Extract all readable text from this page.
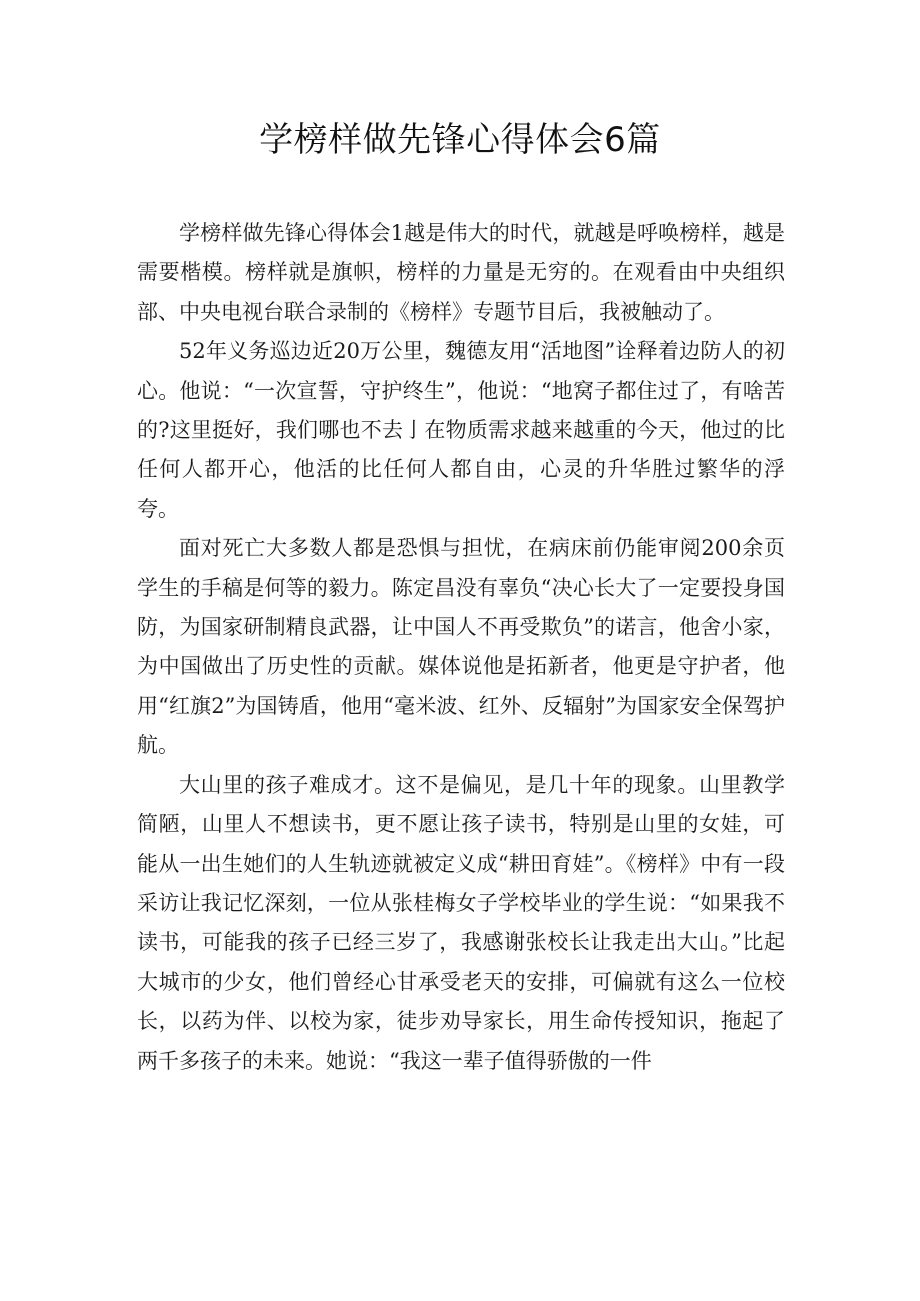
学榜样做先锋心得体会6篇

学榜样做先锋心得体会1越是伟大的时代，就越是呼唤榜样，越是需要楷模。榜样就是旗帜，榜样的力量是无穷的。在观看由中央组织部、中央电视台联合录制的《榜样》专题节目后，我被触动了。

52年义务巡边近20万公里，魏德友用“活地图”诠释着边防人的初心。他说：“一次宣誓，守护终生”，他说：“地窝子都住过了，有啥苦的?这里挺好，我们哪也不去亅在物质需求越来越重的今天，他过的比任何人都开心，他活的比任何人都自由，心灵的升华胜过繁华的浮夸。

面对死亡大多数人都是恐惧与担忧，在病床前仍能审阅200余页学生的手稿是何等的毅力。陈定昌没有辜负“决心长大了一定要投身国防，为国家研制精良武器，让中国人不再受欺负”的诺言，他舍小家，为中国做出了历史性的贡献。媒体说他是拓新者，他更是守护者，他用“红旗2”为国铸盾，他用“毫米波、红外、反辐射”为国家安全保驾护航。

大山里的孩子难成才。这不是偏见，是几十年的现象。山里教学简陋，山里人不想读书，更不愿让孩子读书，特别是山里的女娃，可能从一出生她们的人生轨迹就被定义成“耕田育娃”。《榜样》中有一段采访让我记忆深刻，一位从张桂梅女子学校毕业的学生说：“如果我不读书，可能我的孩子已经三岁了，我感谢张校长让我走出大山。”比起大城市的少女，他们曾经心甘承受老天的安排，可偏就有这么一位校长，以药为伴、以校为家，徒步劝导家长，用生命传授知识，拖起了两千多孩子的未来。她说：“我这一辈子值得骄傲的一件
